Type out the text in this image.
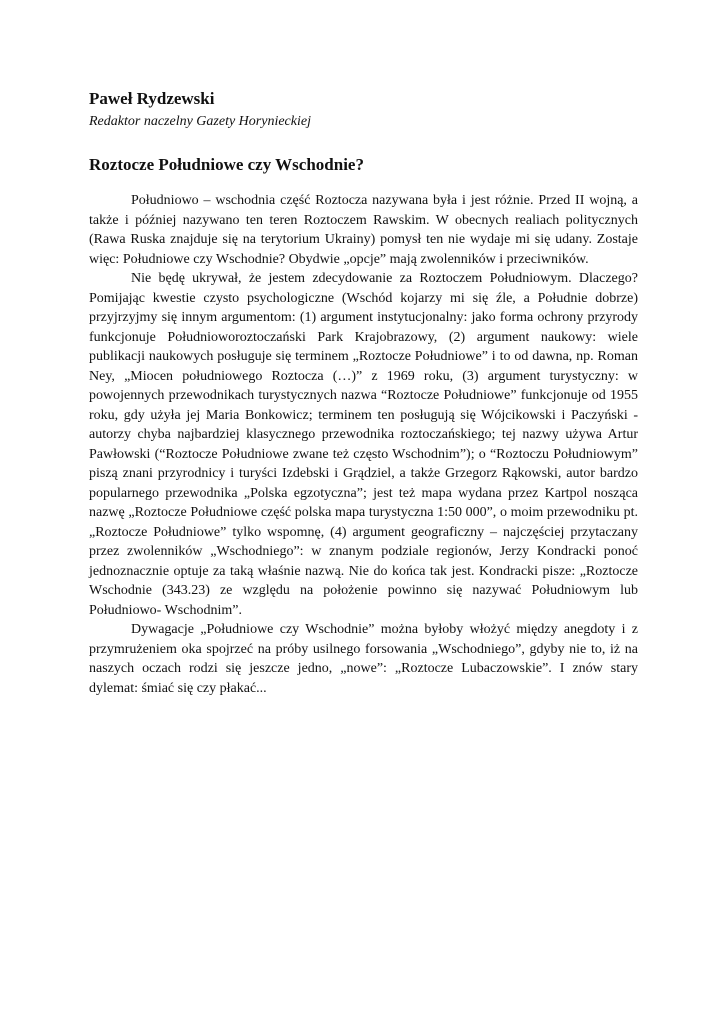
Paweł Rydzewski
Redaktor naczelny Gazety Horynieckiej
Roztocze Południowe czy Wschodnie?

Południowo – wschodnia część Roztocza nazywana była i jest różnie. Przed II wojną, a także i później nazywano ten teren Roztoczem Rawskim. W obecnych realiach politycznych (Rawa Ruska znajduje się na terytorium Ukrainy) pomysł ten nie wydaje mi się udany. Zostaje więc: Południowe czy Wschodnie? Obydwie „opcje” mają zwolenników i przeciwników.

Nie będę ukrywał, że jestem zdecydowanie za Roztoczem Południowym. Dlaczego? Pomijając kwestie czysto psychologiczne (Wschód kojarzy mi się źle, a Południe dobrze) przyjrzyjmy się innym argumentom: (1) argument instytucjonalny: jako forma ochrony przyrody funkcjonuje Południoworoztoczański Park Krajobrazowy, (2) argument naukowy: wiele publikacji naukowych posługuje się terminem „Roztocze Południowe” i to od dawna, np. Roman Ney, „Miocen południowego Roztocza (…)” z 1969 roku, (3) argument turystyczny: w powojennych przewodnikach turystycznych nazwa “Roztocze Południowe” funkcjonuje od 1955 roku, gdy użyła jej Maria Bonkowicz; terminem ten posługują się Wójcikowski i Paczyński - autorzy chyba najbardziej klasycznego przewodnika roztoczańskiego; tej nazwy używa Artur Pawłowski (“Roztocze Południowe zwane też często Wschodnim”); o “Roztoczu Południowym” piszą znani przyrodnicy i turyści Izdebski i Grądziel, a także Grzegorz Rąkowski, autor bardzo popularnego przewodnika „Polska egzotyczna”; jest też mapa wydana przez Kartpol nosząca nazwę „Roztocze Południowe część polska mapa turystyczna 1:50 000”, o moim przewodniku pt. „Roztocze Południowe” tylko wspomnę, (4) argument geograficzny – najczęściej przytaczany przez zwolenników „Wschodniego”: w znanym podziale regionów, Jerzy Kondracki ponoć jednoznacznie optuje za taką właśnie nazwą. Nie do końca tak jest. Kondracki pisze: „Roztocze Wschodnie (343.23) ze względu na położenie powinno się nazywać Południowym lub Południowo- Wschodnim”.

Dywagacje „Południowe czy Wschodnie” można byłoby włożyć między anegdoty i z przymrużeniem oka spojrzeć na próby usilnego forsowania „Wschodniego”, gdyby nie to, iż na naszych oczach rodzi się jeszcze jedno, „nowe”: „Roztocze Lubaczowskie”. I znów stary dylemat: śmiać się czy płakać...
